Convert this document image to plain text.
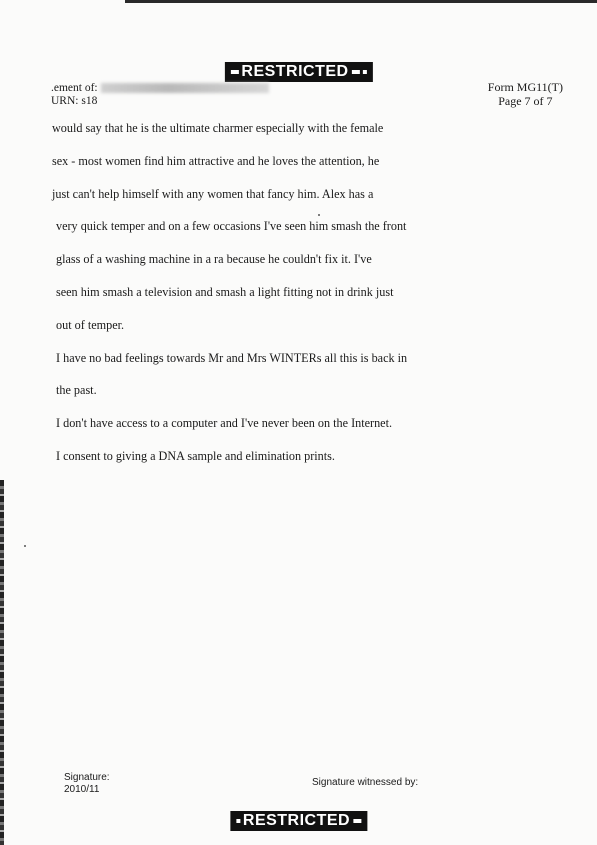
RESTRICTED
.ement of:
URN: s18
Form MG11(T)
Page 7 of 7
would say that he is the ultimate charmer especially with the female
sex - most women find him attractive and he loves the attention, he
just can't help himself with any women that fancy him. Alex has a
very quick temper and on a few occasions I've seen him smash the front
glass of a washing machine in a ra because he couldn't fix it. I've
seen him smash a television and smash a light fitting not in drink just
out of temper.
I have no bad feelings towards Mr and Mrs WINTERs all this is back in
the past.
I don't have access to a computer and I've never been on the Internet.
I consent to giving a DNA sample and elimination prints.
Signature:
2010/11
Signature witnessed by:
RESTRICTED
